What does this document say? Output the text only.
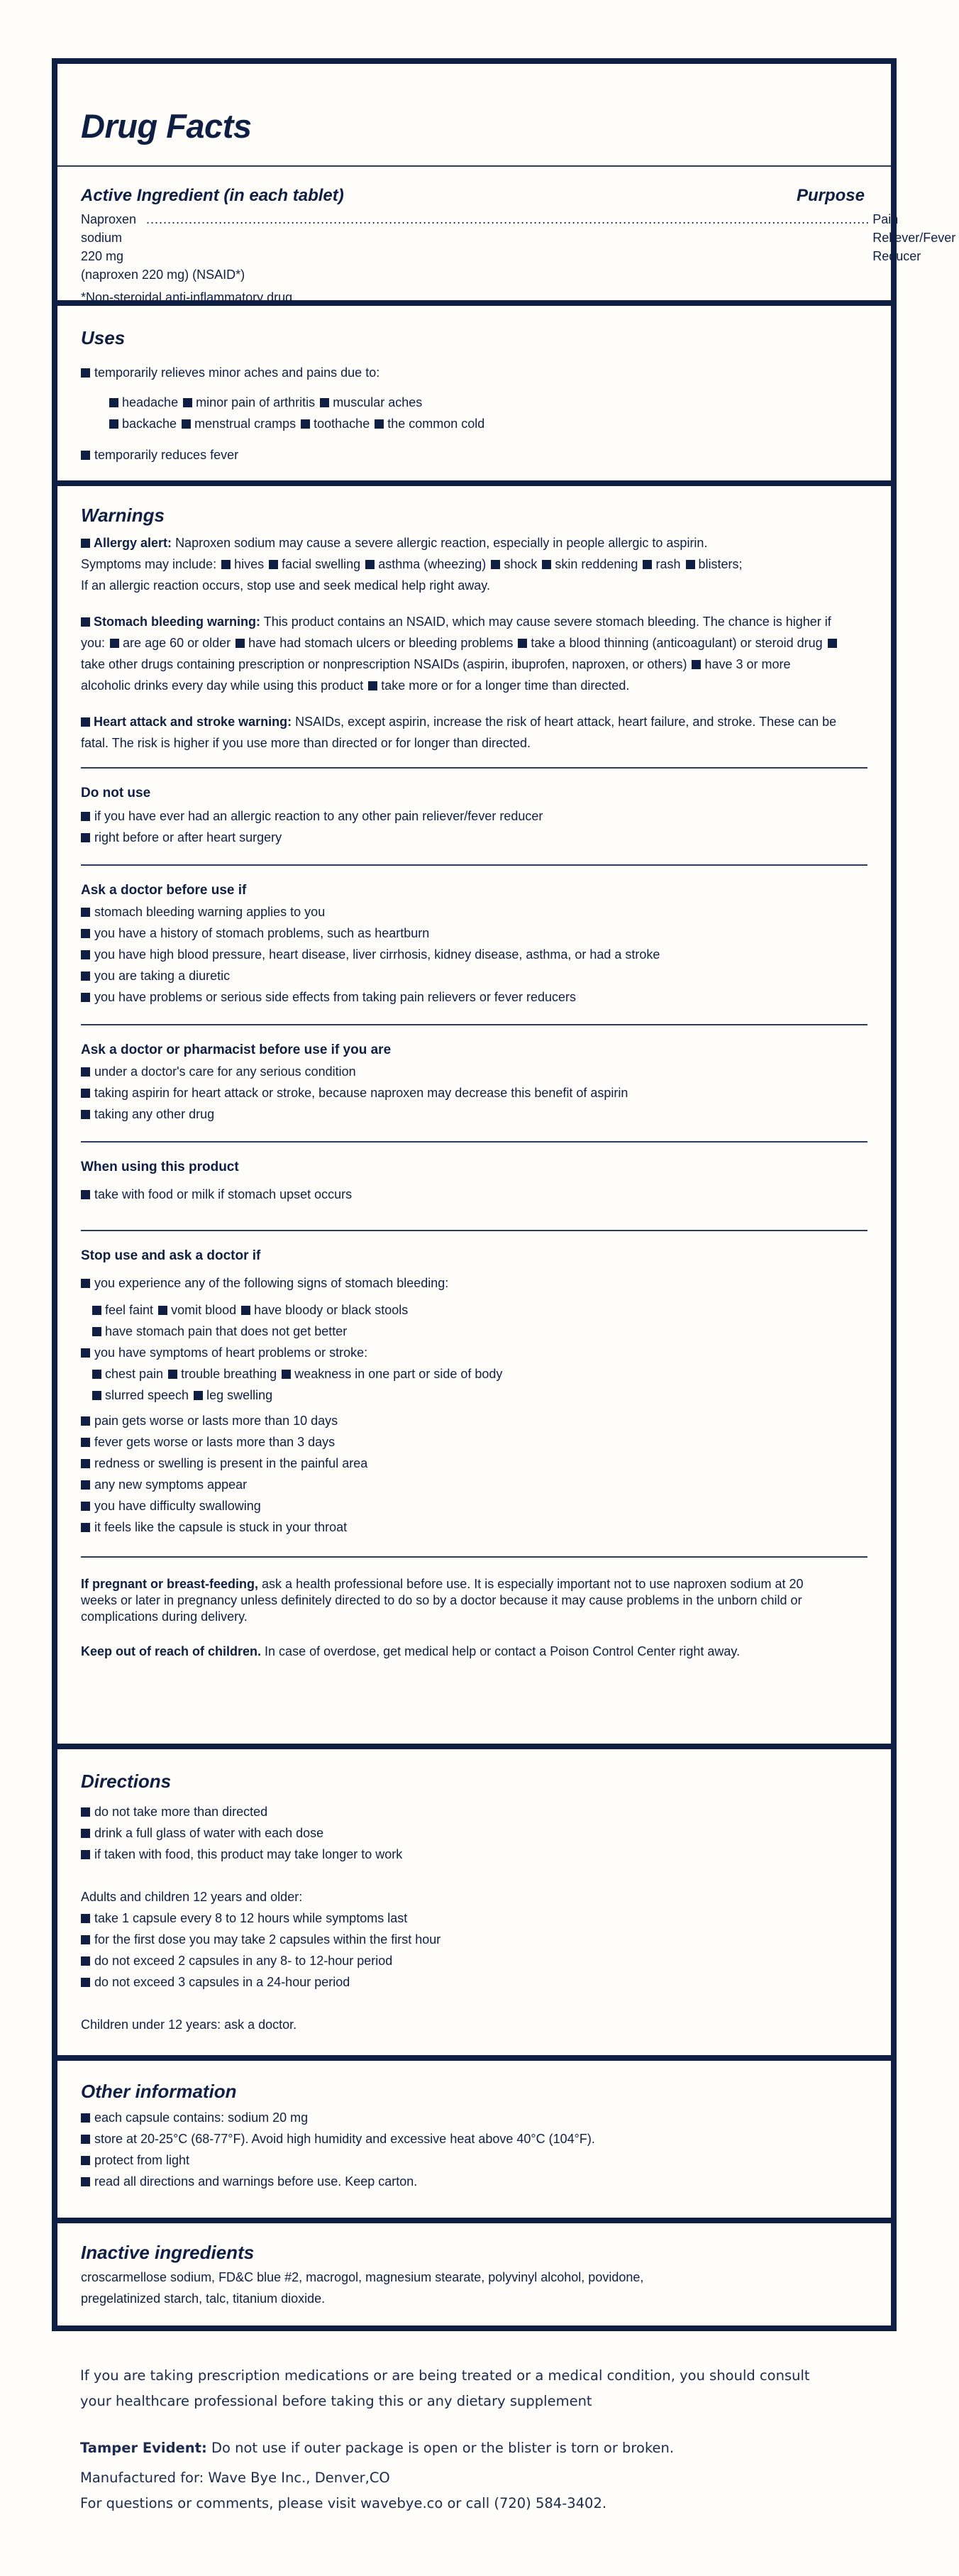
Drug Facts
Active Ingredient (in each tablet)	Purpose
Naproxen sodium 220 mg
.......................................................................................................................................................................... Pain Reliever/Fever Reducer
(naproxen 220 mg) (NSAID*)
*Non-steroidal anti-inflammatory drug
Uses
temporarily relieves minor aches and pains due to:
headache minor pain of arthritis muscular aches
backache menstrual cramps toothache the common cold
temporarily reduces fever
Warnings
Allergy alert: Naproxen sodium may cause a severe allergic reaction, especially in people allergic to aspirin.
Symptoms may include: hives facial swelling asthma (wheezing) shock skin reddening rash blisters;
If an allergic reaction occurs, stop use and seek medical help right away.
Stomach bleeding warning: This product contains an NSAID, which may cause severe stomach bleeding. The chance is higher if you: are age 60 or older have had stomach ulcers or bleeding problems take a blood thinning (anticoagulant) or steroid drug take other drugs containing prescription or nonprescription NSAIDs (aspirin, ibuprofen, naproxen, or others) have 3 or more alcoholic drinks every day while using this product take more or for a longer time than directed.
Heart attack and stroke warning: NSAIDs, except aspirin, increase the risk of heart attack, heart failure, and stroke. These can be fatal. The risk is higher if you use more than directed or for longer than directed.
Do not use
if you have ever had an allergic reaction to any other pain reliever/fever reducer
right before or after heart surgery
Ask a doctor before use if
stomach bleeding warning applies to you
you have a history of stomach problems, such as heartburn
you have high blood pressure, heart disease, liver cirrhosis, kidney disease, asthma, or had a stroke
you are taking a diuretic
you have problems or serious side effects from taking pain relievers or fever reducers
Ask a doctor or pharmacist before use if you are
under a doctor's care for any serious condition
taking aspirin for heart attack or stroke, because naproxen may decrease this benefit of aspirin
taking any other drug
When using this product
take with food or milk if stomach upset occurs
Stop use and ask a doctor if
you experience any of the following signs of stomach bleeding:
feel faint vomit blood have bloody or black stools
have stomach pain that does not get better
you have symptoms of heart problems or stroke:
chest pain trouble breathing weakness in one part or side of body
slurred speech leg swelling
pain gets worse or lasts more than 10 days
fever gets worse or lasts more than 3 days
redness or swelling is present in the painful area
any new symptoms appear
you have difficulty swallowing
it feels like the capsule is stuck in your throat
If pregnant or breast-feeding, ask a health professional before use. It is especially important not to use naproxen sodium at 20 weeks or later in pregnancy unless definitely directed to do so by a doctor because it may cause problems in the unborn child or complications during delivery.
Keep out of reach of children. In case of overdose, get medical help or contact a Poison Control Center right away.
Directions
do not take more than directed
drink a full glass of water with each dose
if taken with food, this product may take longer to work
Adults and children 12 years and older:
take 1 capsule every 8 to 12 hours while symptoms last
for the first dose you may take 2 capsules within the first hour
do not exceed 2 capsules in any 8- to 12-hour period
do not exceed 3 capsules in a 24-hour period
Children under 12 years: ask a doctor.
Other information
each capsule contains: sodium 20 mg
store at 20-25°C (68-77°F). Avoid high humidity and excessive heat above 40°C (104°F).
protect from light
read all directions and warnings before use. Keep carton.
Inactive ingredients
croscarmellose sodium, FD&C blue #2, macrogol, magnesium stearate, polyvinyl alcohol, povidone,
pregelatinized starch, talc, titanium dioxide.
If you are taking prescription medications or are being treated or a medical condition, you should consult
your healthcare professional before taking this or any dietary supplement
Tamper Evident: Do not use if outer package is open or the blister is torn or broken.
Manufactured for: Wave Bye Inc., Denver,CO
For questions or comments, please visit wavebye.co or call (720) 584-3402.
